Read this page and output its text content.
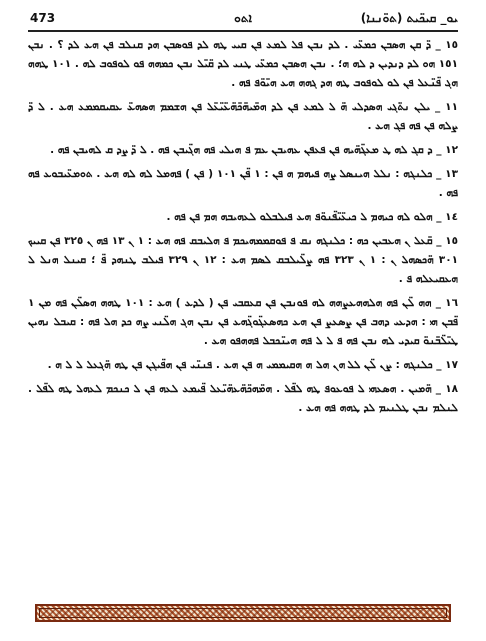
473	ܐܬܘ	ܝܘ_ ܩܝܟ̈ܝܬ (ܬܘ̈ܢܢܐ)

١٥ _ ܕ̈ ܩܢ ܗܣܒܢ ܟܡܥ̈ܝ . ܠܕ ܢܒܢ ܦܠ ܠܡܥ ܦܢ ܩܝܝ ܛܗ ܠܕ ܦܘܣܒܢ ܗܕ ܩܢܠܒ ܦܢ ܗܥ ܠܕ ؟ . ܢܒܢ ١٥١ ܗܘ ܠܕ ܕܢܕܝܢ ܕ ܠܗ ܗ؛ . ܢܒܢ ܗܣܒܢ ܟܡܥ̈ܝ ܛܢܝ ܠܕ ܩ̈ܝ̈ܠ ܢܒܢ ܟܡܗܗ ܦܘ ܠܘܦܘܒ ܠܗ . ١٠١ ܛܗܗ ܗܓ ܦ̈ܢ̈ܥܠ ܦܢ ܠܘ ܠܘܦܘܒ ܛܗ ܗܕ ܓܗܗ ܗܥ ܗܝ̈ܘ̈ܦ ܦܗ .

١١ _ ܝܠܢ ܢܬ̈ܓܝ ܗܣܕܠܝ ܗ̈ ܠ ܠܡܥ ܦܢ ܠܕ ܗܡ̈ܝܗ̈ܟ̈ܗ̈ܥ̈ܝ̈ܥ̈ܠ ܦܢ ܗܫܡܡ ܗܣܗܥ̈ ܥܩܝܩܡܡܥ ܗܥ . ܠ ܕ̈ ܨܠܗ ܦܢ ܦܗ ܦܓ ܗܥ .

١٢ _ ܕ ܩܓ ܠܗ ܛ ܡܥܓ̈ܗ̈ܝܗ ܦܢ ܦܥܦܢ ܥܗܝܒܢ ܥܡ ܦ ܗܝܠܝ ܦܗ ܗܓ̈ܝܒܢ ܦܗ . ܠ ܕ̈ ܨܕ ܩ ܠܗܝܒܢ ܦܗ .

١٣ _ ܟܠܢܓܗ : ܢܠܠ ܗܝܢܣܠ ܨܗ ܦܝܗܡ ܗ ܦܢ : ١ ܦ̈ܢ ١٠١ ( ܦܢ ) ܦܗܡܠ ܠܗ ܠܗ ܗܥ . ܬܘܡܥ̈ܝܒܘܥ ܦܗ ܦܗ .

١٤ _ ܗܠܘ ܠܗ ܟܝܗܡ ܠ ܟܝܥ̈ܝ̈ܦ̈ܢܘ̈ܦ ܗܥ ܦܝܠܒܠܘ ܠܥܗܝܒܗ ܗܡ ܦܢ ܦܗ .

١٥ _ ܩ̈ܥܠ ܢ ܗܥܒܝܢ ܟܗ : ܟܠܢܓܗ ܢܩ ܦ ܦܘܩܡܡܗܝܟܡ ܦ ܗܠܝܒܩ ܦܗ ܗܥ : ١ ܢ ١٣ ܦܗ ܢ ٣٢٥ ܦܢ ܩܝܝܟ ٣٠١ ܗ̈ܟܣܗܠ ܢ : ١ ܢ ٣٢٣ ܦܗ ܨܠ̈ܝܠܒܩ ܠܣܡ ܗܥ : ١٢ ܢ ٣٢٩ ܦܝܠܒ ܛܢܗܕ ܦ̈ ؛ ܩܝܢܠ ܗܢܠ ܠ ܗܥܩܝܥܠܗ ܦ .

١٦ _ ܗܗ ܠ̈ܢ ܦܗ ܗܠܗܗܥܨܗܗ ܠܗ ܦܘܢܒܢ ܦܢ ܩܥܩܒܝ ܦܢ ( ܠܕܥ ) ܗܥ : ١٠١ ܛܗܗ ܗܣܠ̈ܢ ܦܗ ܡܢ ١ ܦ̈ܒܢ ܗܝ : ܗܕܥܝ ܕܗܒ ܦܢ ܨܣܥܨ ܦܢ ܗܥ ܟܗܣܥܓ̈ܘܓ̈ܗܥ ܦܢ ܢܒܢ ܗܓ ܗܠ̈ܢܝ ܨܗ ܟܕ ܗܠ ܦܗ : ܩܝܒܠ ܢܗܝܢ ܛܝ̈ܠ̈ܒ̈ܢܘ̈ ܩܝܕܝ ܠܗ ܢܒܢ ܦܗ ܦ ܠ ܠ ܦܗ ܗܝܢ̈ܟܒܠ ܦܗܗܦܘ ܗܥ .

١٧ _ ܟܠܢܓܗ : ܨܢ ܠ̈ܢ ܠܠ ܗܢ ܗܠ ܗ ܗܩܝܡܡܝ ܗ ܦܢ ܗܥ . ܦܢܢ̈ܝ ܦܢ ܗܦ̈ܝܓܢ ܦܢ ܛܗ ܗ̈ܓܥܠ ܠ ܠ ܗ .

١٨ _ ܗ̈ܡܝܢ . ܗܣܥܗܝ ܠ ܦܘܥܘܦ ܛܗ ܠܦ̈ܠ . ܗܡ̈ܗܟ̈ܗ̈ܥܗ̈ܝ̈ܥܠ ܦ̈ܝܡܥ ܠܥܗ ܦܢ ܠ ܟܢܟܡ ܠܥܗܠ ܛܗ ܠܦ̈ܠ . ܠܢܠܡ ܢܒܢ ܛܠܢܝܡ ܠܕ ܛܗܗ ܦܗ ܗܥ .
